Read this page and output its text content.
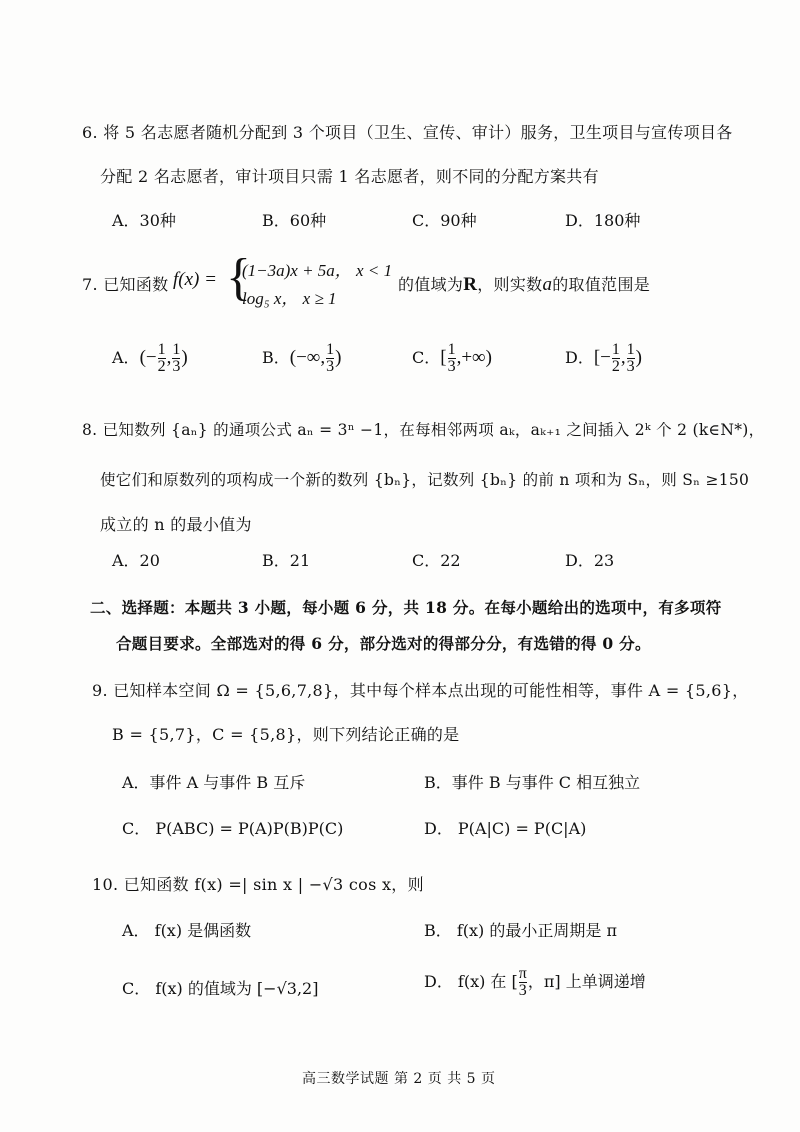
6. 将 5 名志愿者随机分配到 3 个项目（卫生、宣传、审计）服务，卫生项目与宣传项目各
分配 2 名志愿者，审计项目只需 1 名志愿者，则不同的分配方案共有
A．30种	B．60种	C．90种	D．180种
7. 已知函数 f(x) = {
(1−3a)x + 5a， x < 1
log₅ x， x ≥ 1
的值域为R，则实数a的取值范围是
A．(− $\frac{1}{2}$ , $\frac{1}{3}$ )	B．(−∞, $\frac{1}{3}$ )	C．[ $\frac{1}{3}$ ,+∞)	D．[− $\frac{1}{2}$ , $\frac{1}{3}$ )
8. 已知数列 {aₙ} 的通项公式 aₙ = 3ⁿ −1，在每相邻两项 aₖ，aₖ₊₁ 之间插入 2ᵏ 个 2 (k∈N*)，
使它们和原数列的项构成一个新的数列 {bₙ}，记数列 {bₙ} 的前 n 项和为 Sₙ，则 Sₙ ≥150
成立的 n 的最小值为
A．20	B．21	C．22	D．23
二、选择题：本题共 3 小题，每小题 6 分，共 18 分。在每小题给出的选项中，有多项符
合题目要求。全部选对的得 6 分，部分选对的得部分分，有选错的得 0 分。
9. 已知样本空间 Ω = {5,6,7,8}，其中每个样本点出现的可能性相等，事件 A = {5,6}，
B = {5,7}，C = {5,8}，则下列结论正确的是
A．事件 A 与事件 B 互斥	B．事件 B 与事件 C 相互独立
C． P(ABC) = P(A)P(B)P(C)	D． P(A|C) = P(C|A)
10. 已知函数 f(x) =| sin x | −√3 cos x，则
A． f(x) 是偶函数	B． f(x) 的最小正周期是 π
C． f(x) 的值域为 [−√3,2]	D． f(x) 在 [ $\frac{\pi}{3}$ ，π] 上单调递增
高三数学试题 第 2 页 共 5 页
